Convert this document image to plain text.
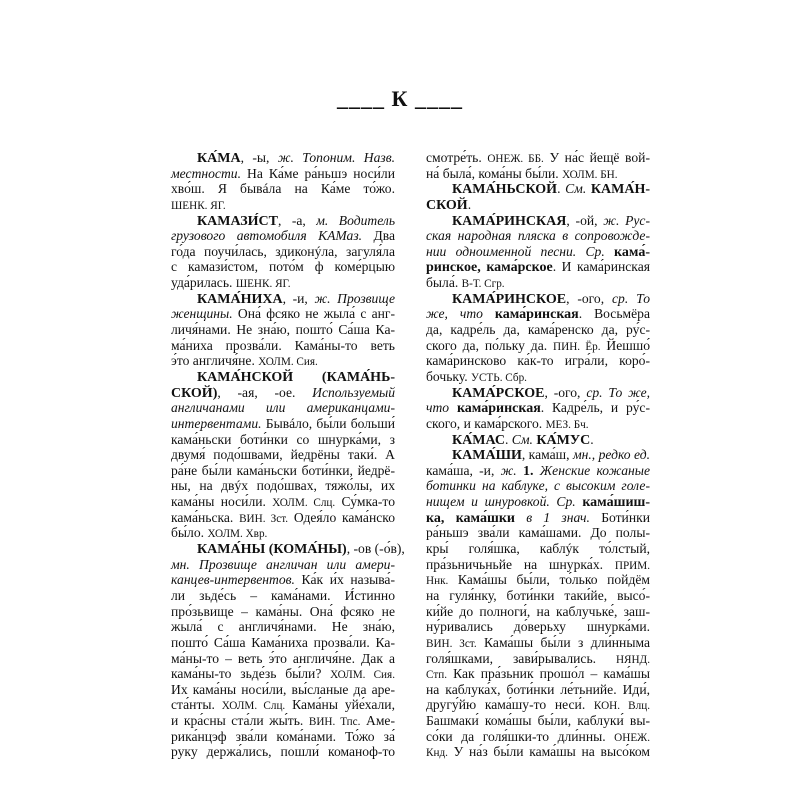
____ К ____
КА́МА, -ы, ж. Топоним. Назв.
местности. На Ка́ме ра́ньшэ носи́ли
хво́ш. Я бывáла на Ка́ме то́жо.
ШЕНК. ЯГ.
КАМАЗИ́СТ, -а, м. Водитель
грузового автомобиля КАМаз. Два
го́да поучи́лась, здиконýла, загуля́ла
с камази́стом, пото́м ф коме́рцыю
уда́рилась. ШЕНК. ЯГ.
КАМА́НИХА, -и, ж. Прозвище
женщины. Она́ фсяко не жыла́ с анг-
личя́нами. Не зна́ю, пошто́ Са́ша Ка-
ма́ниха прозва́ли. Кама́ны-то веть
э́то англичя́не. ХОЛМ. Сия.
КАМА́НСКОЙ (КАМА́НЬ-
СКОЙ), -ая, -ое. Используемый
англичанами или американцами-
интервентами. Бывáло, бы́ли больши́
кама́ньски боти́нки со шнурка́ми, з
двумя́ подо́швами, йедрёны таки́. А
ра́не бы́ли кама́ньски боти́нки, йедрё-
ны, на двýх подо́швах, тяжо́лы, их
кама́ны носи́ли. ХОЛМ. Слц. Су́мка-то
кама́ньска. ВИН. Зст. Одея́ло кама́нско
бы́ло. ХОЛМ. Хвр.
КАМА́НЫ (КОМА́НЫ), -ов (-о́в),
мн. Прозвище англичан или амери-
канцев-интервентов. Ка́к и́х называ́-
ли зьде́сь – кама́нами. И́стинно
про́зьвище – кама́ны. Она́ фсяко не
жыла́ с англичя́нами. Не зна́ю,
пошто́ Са́ша Кама́ниха прозва́ли. Ка-
ма́ны-то – веть э́то англичя́не. Дак а
кама́ны-то зьде́зь бы́ли? ХОЛМ. Сия.
Их кама́ны носи́ли, вы́сланые да аре-
ста́нты. ХОЛМ. Слц. Кама́ны уйе́хали,
и кра́сны ста́ли жы́ть. ВИН. Тпс. Аме-
рика́нцэф зва́ли кома́нами. То́жо за́
руку держа́лись, пошли́ команоф-то
смотре́ть. ОНЕЖ. ББ. У на́с йещё вой-
на́ была́, кома́ны бы́ли. ХОЛМ. БН.
КАМА́НЬСКОЙ. См. КАМА́Н-
СКОЙ.
КАМА́РИНСКАЯ, -ой, ж. Рус-
ская народная пляска в сопровожде-
нии одноименной песни. Ср. кама́-
ринское, кама́рское. И кама́ринская
была́. В-Т. Сгр.
КАМА́РИНСКОЕ, -ого, ср. То
же, что кама́ринская. Восьмёра
да, кадре́ль да, кама́ренско да, ру́с-
ского да, по́льку да. ПИН. Ёр. Йешшо́
кама́ринсково ка́к-то игра́ли, коро́-
бочьку. УСТЬ. Сбр.
КАМА́РСКОЕ, -ого, ср. То же,
что кама́ринская. Кадре́ль, и ру́с-
ского, и кама́рского. МЕЗ. Бч.
КА́МАС. См. КА́МУС.
КАМА́ШИ, кама́ш, мн., редко ед.
кама́ша, -и, ж. 1. Женские кожаные
ботинки на каблуке, с высоким голе-
нищем и шнуровкой. Ср. кама́шиш-
ка, кама́шки в 1 знач. Боти́нки
ра́ньшэ зва́ли кама́шами. До полы-
кры́ голя́шка, каблýк то́лстый,
пра́зьничьньйе на шнурка́х. ПРИМ.
Ннк. Кама́шы бы́ли, то́лько пойдём
на гуля́нку, боти́нки таки́йе, высо́-
ки́йе до полноги́, на каблучьке́, заш-
ну́ривались до́верьху шнурка́ми.
ВИН. Зст. Кама́шы бы́ли з дли́нныма
голя́шками, зави́рывались. НЯНД.
Стп. Как пра́зьник прошо́л – кама́шы
на каблука́х, боти́нки ле́тьнийе. Иди́,
другу́йю кама́шу-то неси́. КОН. Влц.
Башмаки́ кома́шы бы́ли, каблуки́ вы-
со́ки да голя́шки-то дли́нны. ОНЕЖ.
Кнд. У на́з бы́ли кама́шы на высо́ком
